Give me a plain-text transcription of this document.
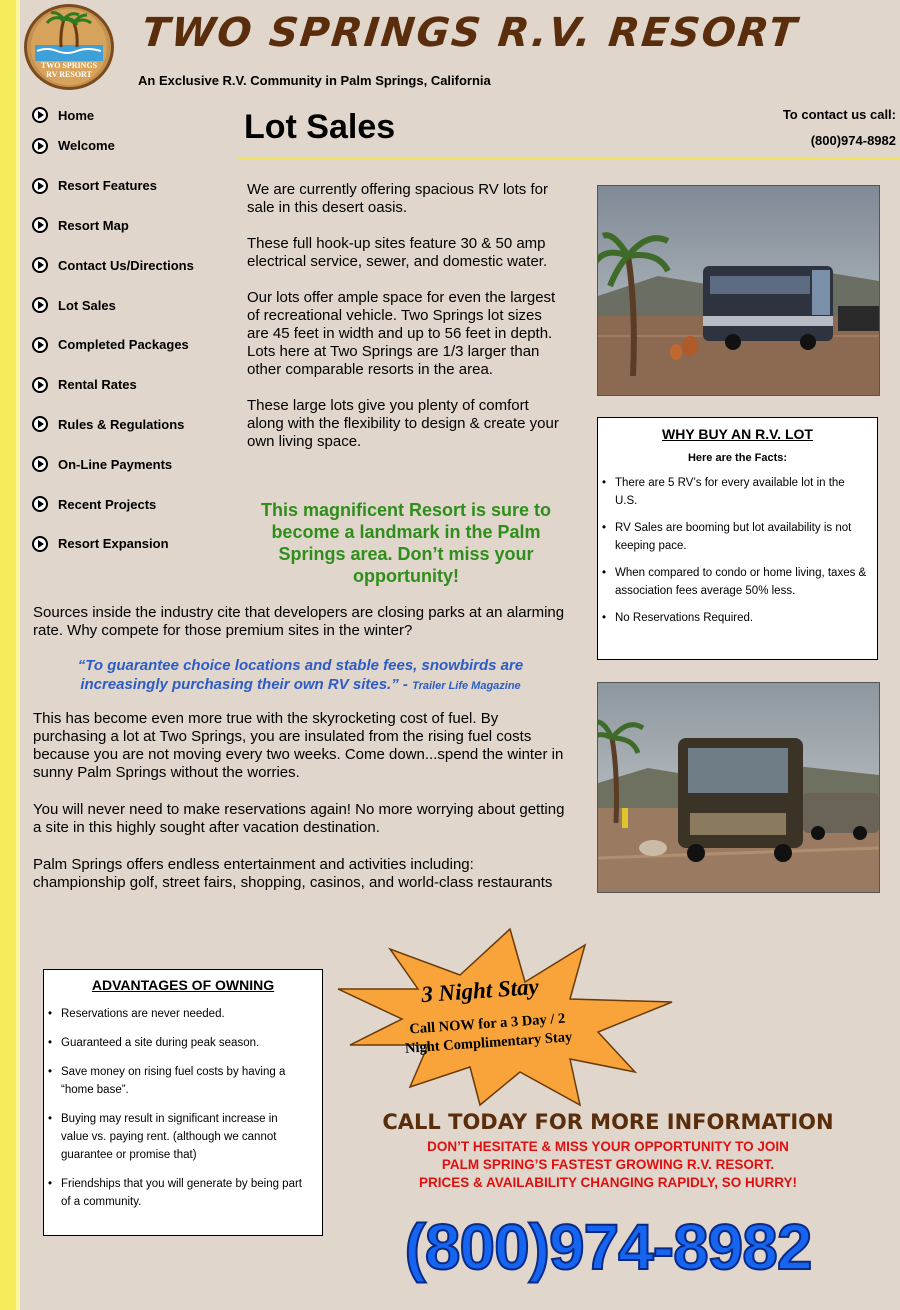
TWO SPRINGS
RV RESORT
TWO SPRINGS R.V. RESORT
An Exclusive R.V. Community in Palm Springs, California
Home
Welcome
Resort Features
Resort Map
Contact Us/Directions
Lot Sales
Completed Packages
Rental Rates
Rules & Regulations
On-Line Payments
Recent Projects
Resort Expansion
Lot Sales	To contact us call:
(800)974-8982

We are currently offering spacious RV lots for sale in this desert oasis.

These full hook-up sites feature 30 & 50 amp electrical service, sewer, and domestic water.

Our lots offer ample space for even the largest of recreational vehicle. Two Springs lot sizes are 45 feet in width and up to 56 feet in depth. Lots here at Two Springs are 1/3 larger than other comparable resorts in the area.

These large lots give you plenty of comfort along with the flexibility to design & create your own living space.

This magnificent Resort is sure to become a landmark in the Palm Springs area. Don’t miss your opportunity!
Sources inside the industry cite that developers are closing parks at an alarming rate. Why compete for those premium sites in the winter?
“To guarantee choice locations and stable fees, snowbirds are increasingly purchasing their own RV sites.” - Trailer Life Magazine
This has become even more true with the skyrocketing cost of fuel. By purchasing a lot at Two Springs, you are insulated from the rising fuel costs because you are not moving every two weeks. Come down...spend the winter in sunny Palm Springs without the worries.
You will never need to make reservations again! No more worrying about getting a site in this highly sought after vacation destination.
Palm Springs offers endless entertainment and activities including: championship golf, street fairs, shopping, casinos, and world-class restaurants
WHY BUY AN R.V. LOT
Here are the Facts:
• There are 5 RV’s for every available lot in the U.S.
• RV Sales are booming but lot availability is not keeping pace.
• When compared to condo or home living, taxes & association fees average 50% less.
• No Reservations Required.
ADVANTAGES OF OWNING
• Reservations are never needed.
• Guaranteed a site during peak season.
• Save money on rising fuel costs by having a “home base”.
• Buying may result in significant increase in value vs. paying rent. (although we cannot guarantee or promise that)
• Friendships that you will generate by being part of a community.
3 Night Stay
Call NOW for a 3 Day / 2 Night Complimentary Stay
CALL TODAY FOR MORE INFORMATION
DON’T HESITATE & MISS YOUR OPPORTUNITY TO JOIN
PALM SPRING’S FASTEST GROWING R.V. RESORT.
PRICES & AVAILABILITY CHANGING RAPIDLY, SO HURRY!
(800)974-8982
